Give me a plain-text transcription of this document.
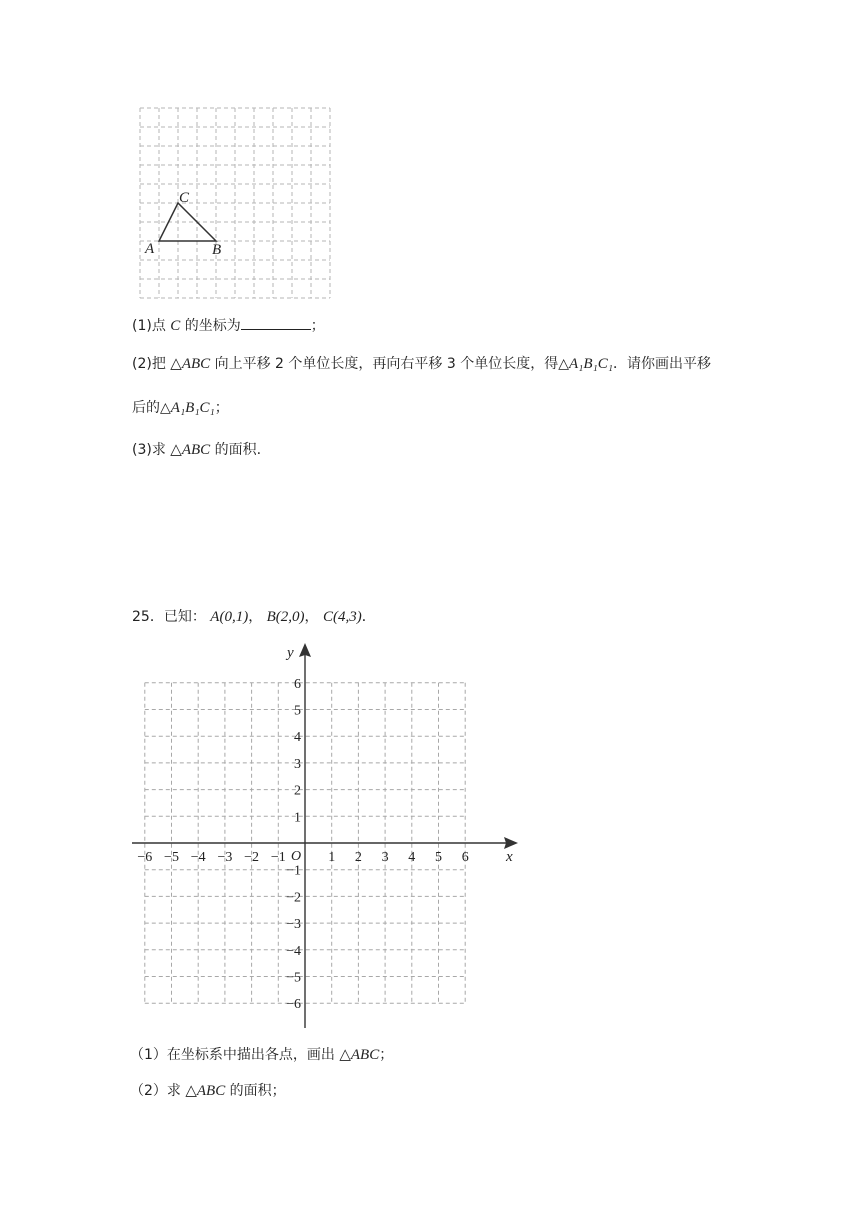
A	B
C
(1)点 C 的坐标为	；
(2)把 △ABC 向上平移 2 个单位长度，再向右平移 3 个单位长度，得△A₁B₁C₁．请你画出平移
后的△A₁B₁C₁；
(3)求 △ABC 的面积.
25．已知： A(0,1)， B(2,0)， C(4,3)．
x
y
O
−6 −5 −4 −3 −2 −1	1 2 3 4 5 6
6
5
4
3
2
1
−1
−2
−3
−4
−5
−6
（1）在坐标系中描出各点，画出 △ABC；
（2）求 △ABC 的面积；
